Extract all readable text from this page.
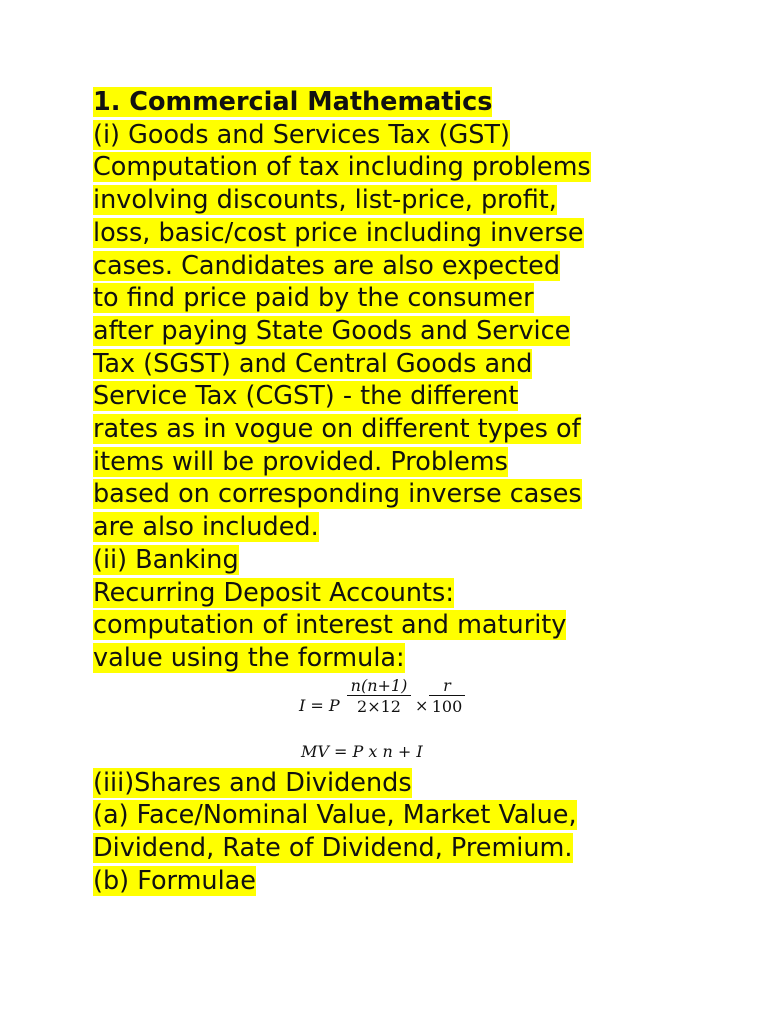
1. Commercial Mathematics
(i) Goods and Services Tax (GST)
Computation of tax including problems
involving discounts, list-price, profit,
loss, basic/cost price including inverse
cases. Candidates are also expected
to find price paid by the consumer
after paying State Goods and Service
Tax (SGST) and Central Goods and
Service Tax (CGST) - the different
rates as in vogue on different types of
items will be provided. Problems
based on corresponding inverse cases
are also included.
(ii) Banking
Recurring Deposit Accounts:
computation of interest and maturity
value using the formula:
I = P $\frac{n(n+1)}{2\times 12} \times \frac{r}{100}$
MV = P x n + I
(iii)Shares and Dividends
(a) Face/Nominal Value, Market Value,
Dividend, Rate of Dividend, Premium.
(b) Formulae
